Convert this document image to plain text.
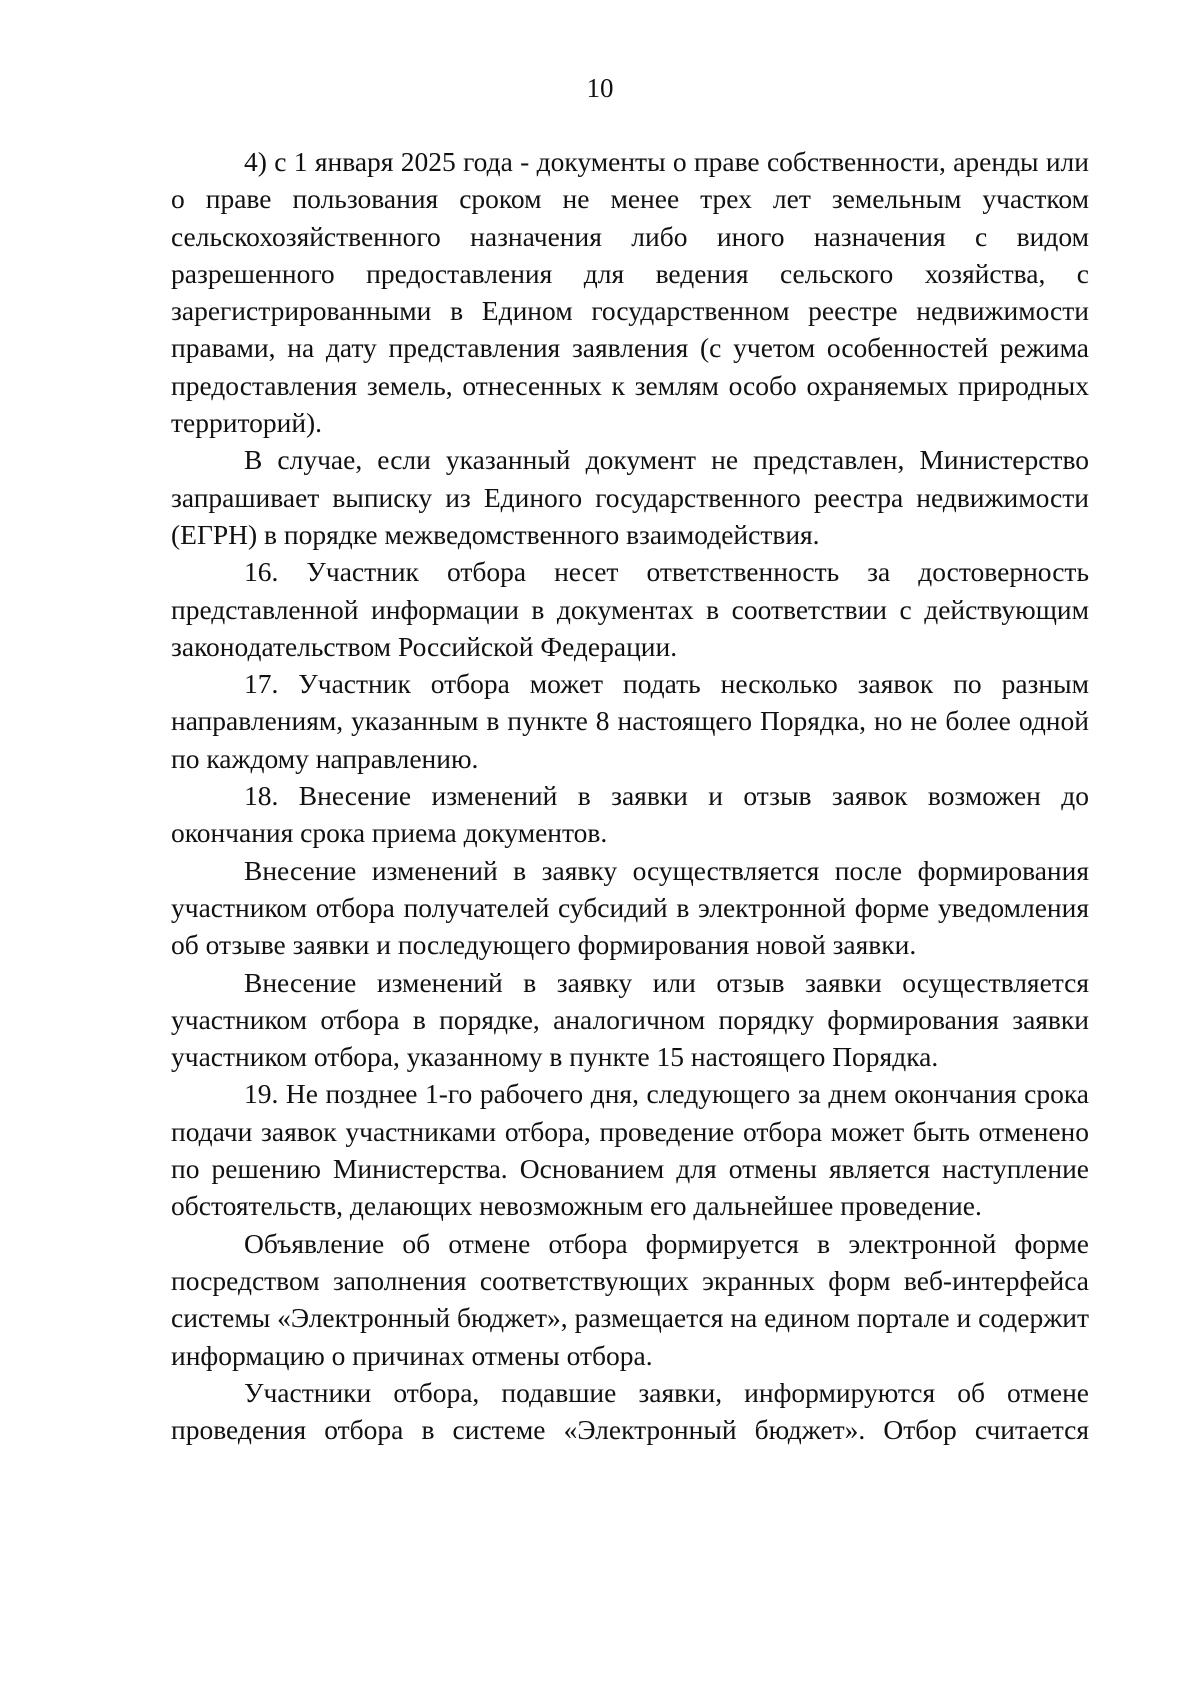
10

4) с 1 января 2025 года - документы о праве собственности, аренды или о праве пользования сроком не менее трех лет земельным участком сельскохозяйственного назначения либо иного назначения с видом разрешенного предоставления для ведения сельского хозяйства, с зарегистрированными в Едином государственном реестре недвижимости правами, на дату представления заявления (с учетом особенностей режима предоставления земель, отнесенных к землям особо охраняемых природных территорий).

В случае, если указанный документ не представлен, Министерство запрашивает выписку из Единого государственного реестра недвижимости (ЕГРН) в порядке межведомственного взаимодействия.

16. Участник отбора несет ответственность за достоверность представленной информации в документах в соответствии с действующим законодательством Российской Федерации.

17. Участник отбора может подать несколько заявок по разным направлениям, указанным в пункте 8 настоящего Порядка, но не более одной по каждому направлению.

18. Внесение изменений в заявки и отзыв заявок возможен до окончания срока приема документов.

Внесение изменений в заявку осуществляется после формирования участником отбора получателей субсидий в электронной форме уведомления об отзыве заявки и последующего формирования новой заявки.

Внесение изменений в заявку или отзыв заявки осуществляется участником отбора в порядке, аналогичном порядку формирования заявки участником отбора, указанному в пункте 15 настоящего Порядка.

19. Не позднее 1-го рабочего дня, следующего за днем окончания срока подачи заявок участниками отбора, проведение отбора может быть отменено по решению Министерства. Основанием для отмены является наступление обстоятельств, делающих невозможным его дальнейшее проведение.

Объявление об отмене отбора формируется в электронной форме посредством заполнения соответствующих экранных форм веб-интерфейса системы «Электронный бюджет», размещается на едином портале и содержит информацию о причинах отмены отбора.

Участники отбора, подавшие заявки, информируются об отмене проведения отбора в системе «Электронный бюджет». Отбор считается
